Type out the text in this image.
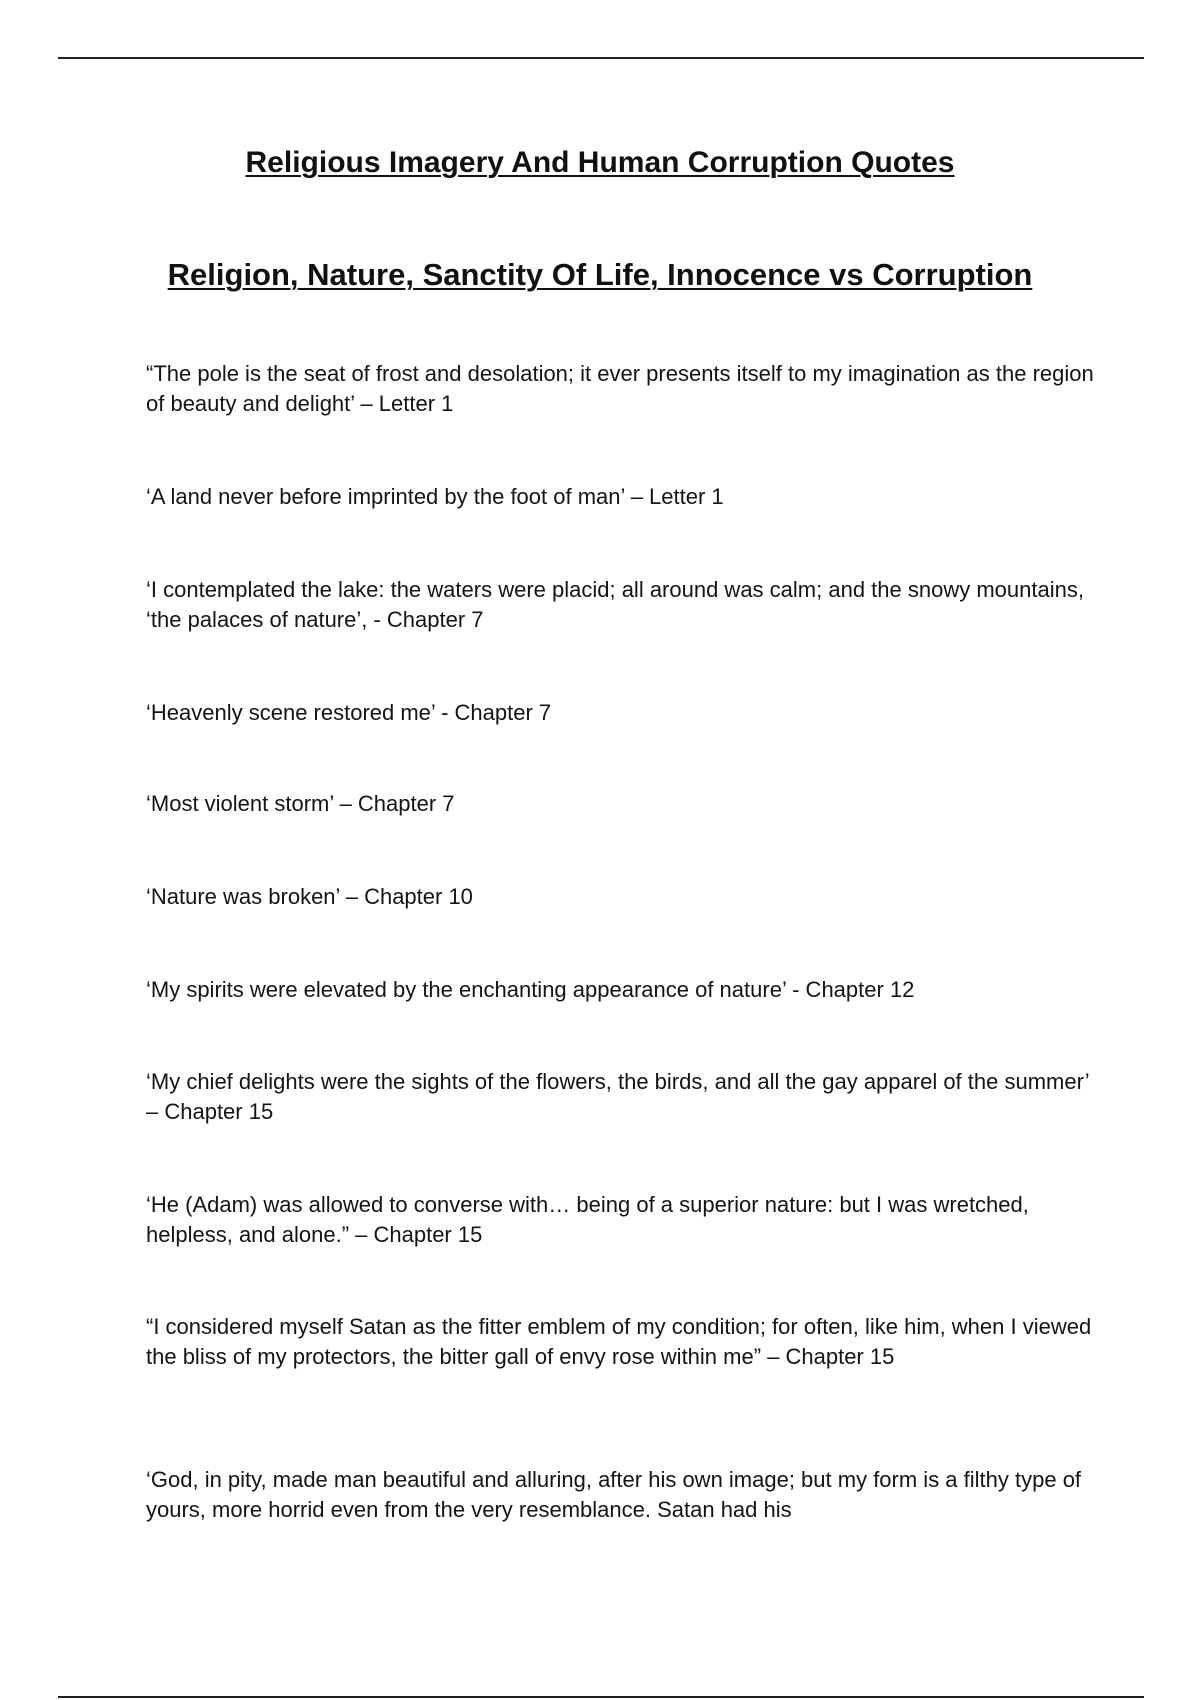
Religious Imagery And Human Corruption Quotes
Religion, Nature, Sanctity Of Life, Innocence vs Corruption

“The pole is the seat of frost and desolation; it ever presents itself to my imagination as the region of beauty and delight’ – Letter 1

‘A land never before imprinted by the foot of man’ – Letter 1

‘I contemplated the lake: the waters were placid; all around was calm; and the snowy mountains, ‘the palaces of nature’, - Chapter 7

‘Heavenly scene restored me’ - Chapter 7

‘Most violent storm’ – Chapter 7

‘Nature was broken’ – Chapter 10

‘My spirits were elevated by the enchanting appearance of nature’ - Chapter 12

‘My chief delights were the sights of the flowers, the birds, and all the gay apparel of the summer’ – Chapter 15

‘He (Adam) was allowed to converse with… being of a superior nature: but I was wretched, helpless, and alone.” – Chapter 15

“I considered myself Satan as the fitter emblem of my condition; for often, like him, when I viewed the bliss of my protectors, the bitter gall of envy rose within me” – Chapter 15

‘God, in pity, made man beautiful and alluring, after his own image; but my form is a filthy type of yours, more horrid even from the very resemblance. Satan had his
